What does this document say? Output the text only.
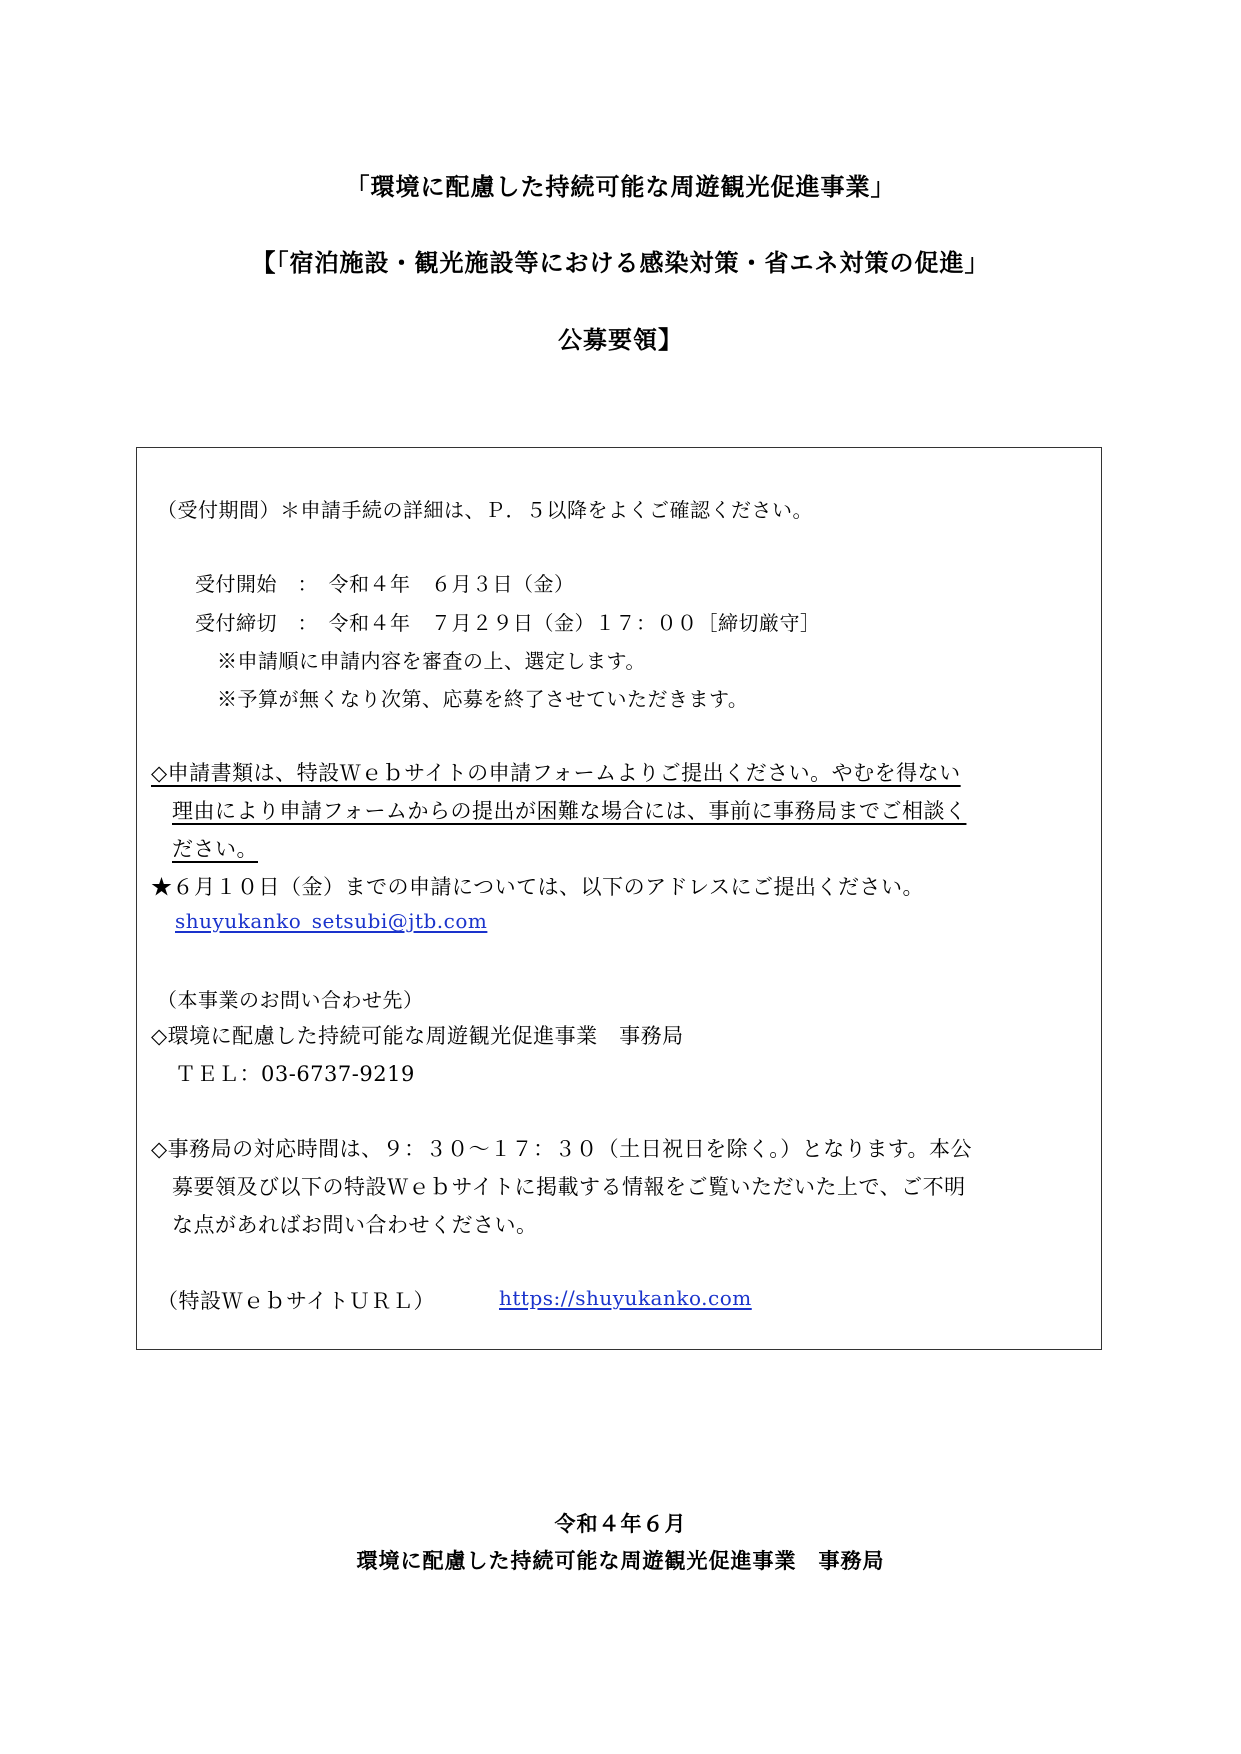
「環境に配慮した持続可能な周遊観光促進事業」
【「宿泊施設・観光施設等における感染対策・省エネ対策の促進」
公募要領】
（受付期間）＊申請手続の詳細は、Ｐ．５以降をよくご確認ください。
受付開始　：　令和４年　６月３日（金）
受付締切　：　令和４年　７月２９日（金）１７：００［締切厳守］
※申請順に申請内容を審査の上、選定します。
※予算が無くなり次第、応募を終了させていただきます。
◇申請書類は、特設Ｗｅｂサイトの申請フォームよりご提出ください。やむを得ない
理由により申請フォームからの提出が困難な場合には、事前に事務局までご相談く
ださい。
★６月１０日（金）までの申請については、以下のアドレスにご提出ください。
shuyukanko_setsubi@jtb.com
（本事業のお問い合わせ先）
◇環境に配慮した持続可能な周遊観光促進事業　事務局
ＴＥＬ：03-6737-9219
◇事務局の対応時間は、９：３０～１７：３０（土日祝日を除く。）となります。本公
募要領及び以下の特設Ｗｅｂサイトに掲載する情報をご覧いただいた上で、ご不明
な点があればお問い合わせください。
（特設ＷｅｂサイトＵＲＬ）	https://shuyukanko.com
令和４年６月
環境に配慮した持続可能な周遊観光促進事業　事務局
